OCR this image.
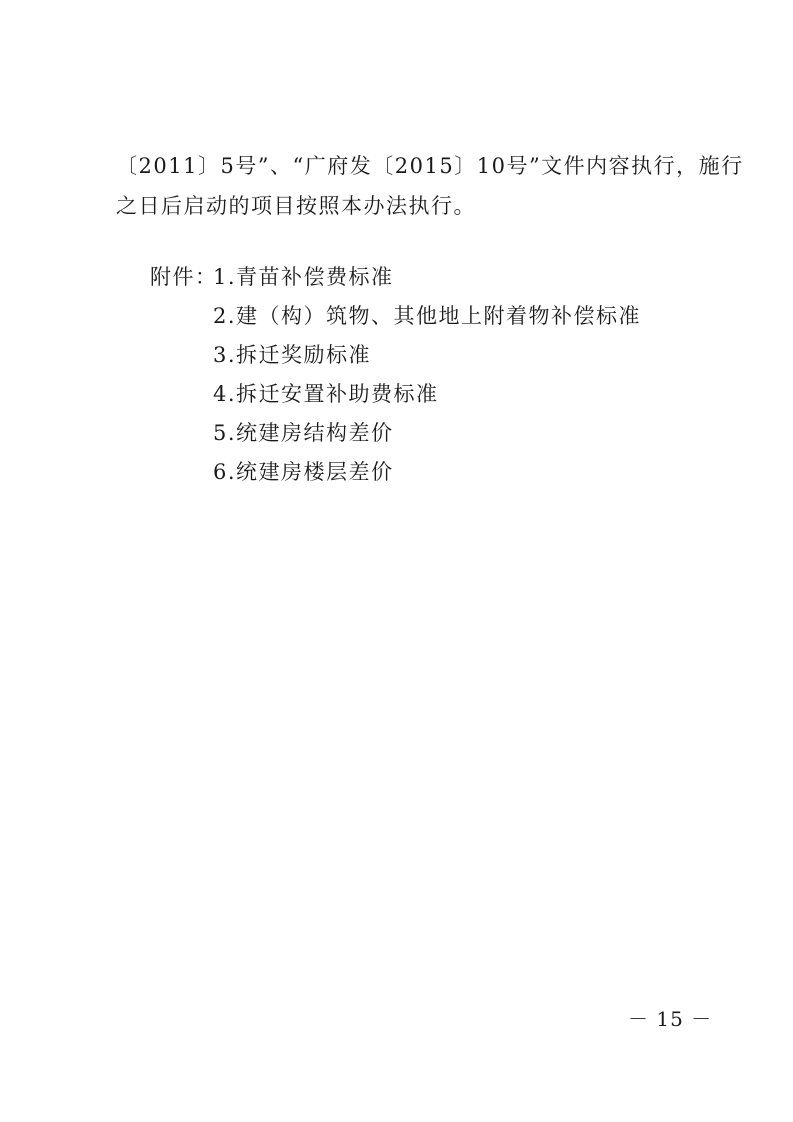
〔2011〕5号”、“广府发〔2015〕10号”文件内容执行，施行

之日后启动的项目按照本办法执行。

附件：1.青苗补偿费标准
2.建（构）筑物、其他地上附着物补偿标准
3.拆迁奖励标准
4.拆迁安置补助费标准
5.统建房结构差价
6.统建房楼层差价
－ 15 －
